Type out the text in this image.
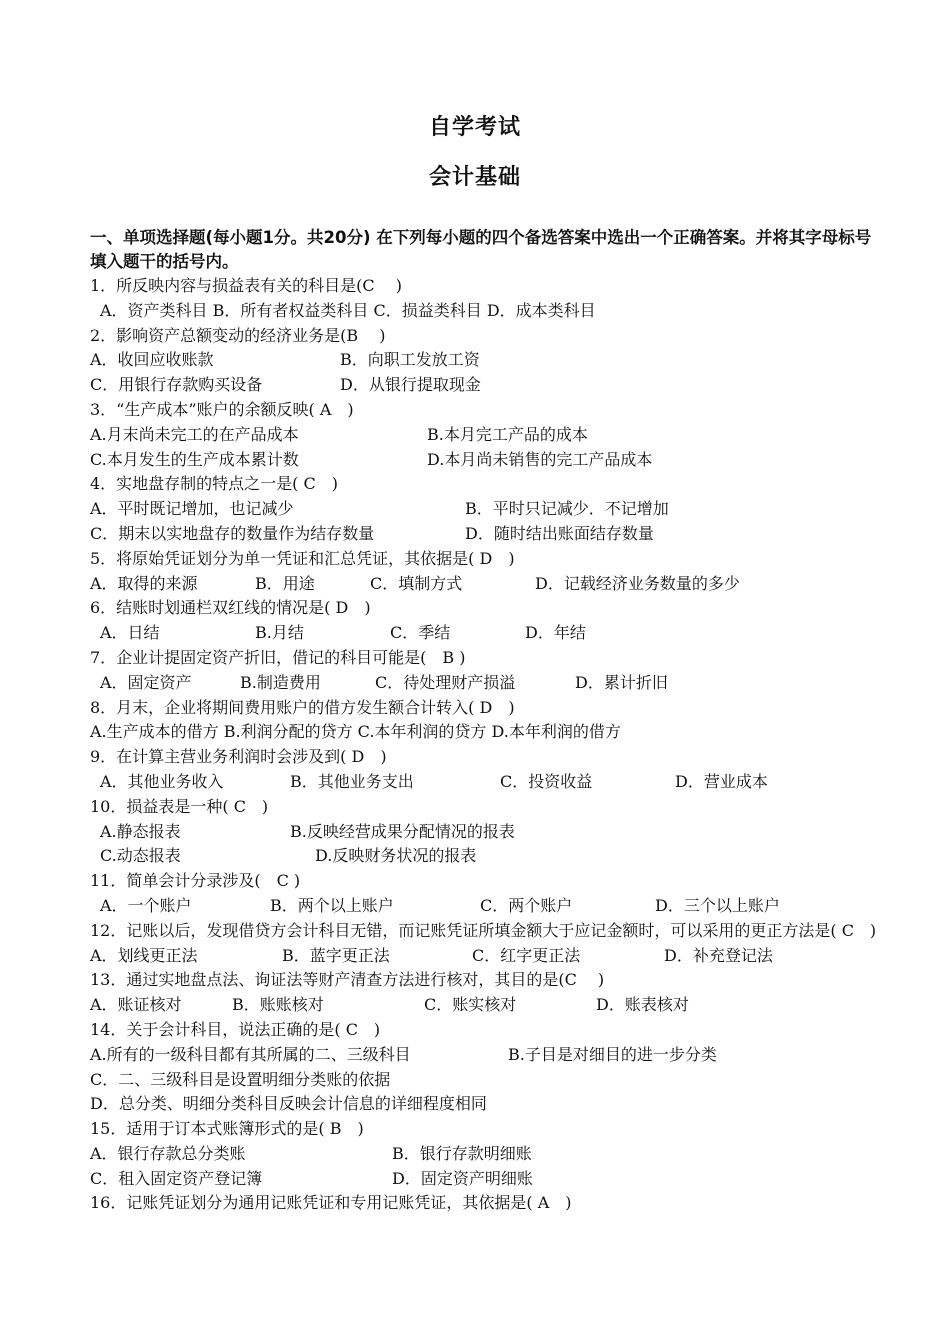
自学考试
会计基础
一、单项选择题(每小题1分。共20分) 在下列每小题的四个备选答案中选出一个正确答案。并将其字母标号填入题干的括号内。
1．所反映内容与损益表有关的科目是(C　 )
A．资产类科目 B．所有者权益类科目 C．损益类科目 D．成本类科目
2．影响资产总额变动的经济业务是(B　 )
A．收回应收账款	B．向职工发放工资
C．用银行存款购买设备	D．从银行提取现金
3．“生产成本”账户的余额反映( A　)
A.月末尚未完工的在产品成本	B.本月完工产品的成本
C.本月发生的生产成本累计数	D.本月尚未销售的完工产品成本
4．实地盘存制的特点之一是( C　)
A．平时既记增加，也记减少	B．平时只记减少．不记增加
C．期末以实地盘存的数量作为结存数量	D．随时结出账面结存数量
5．将原始凭证划分为单一凭证和汇总凭证，其依据是( D　)
A．取得的来源	B．用途	C．填制方式	D．记载经济业务数量的多少
6．结账时划通栏双红线的情况是( D　)
A．日结	B.月结	C．季结	D．年结
7．企业计提固定资产折旧，借记的科目可能是(　B )
A．固定资产	B.制造费用	C．待处理财产损溢	D．累计折旧
8．月末，企业将期间费用账户的借方发生额合计转入( D　)
A.生产成本的借方 B.利润分配的贷方 C.本年利润的贷方 D.本年利润的借方
9．在计算主营业务利润时会涉及到( D　)
A．其他业务收入	B．其他业务支出	C．投资收益	D．营业成本
10．损益表是一种( C　)
A.静态报表	B.反映经营成果分配情况的报表
C.动态报表	D.反映财务状况的报表
11．简单会计分录涉及(　C )
A．一个账户	B．两个以上账户	C．两个账户	D．三个以上账户
12．记账以后，发现借贷方会计科目无错，而记账凭证所填金额大于应记金额时，可以采用的更正方法是( C　)
A．划线更正法	B．蓝字更正法	C．红字更正法	D．补充登记法
13．通过实地盘点法、询证法等财产清查方法进行核对，其目的是(C　 )
A．账证核对	B．账账核对	C．账实核对	D．账表核对
14．关于会计科目，说法正确的是( C　)
A.所有的一级科目都有其所属的二、三级科目	B.子目是对细目的进一步分类
C．二、三级科目是设置明细分类账的依据
D．总分类、明细分类科目反映会计信息的详细程度相同
15．适用于订本式账簿形式的是( B　)
A．银行存款总分类账	B．银行存款明细账
C．租入固定资产登记簿	D．固定资产明细账
16．记账凭证划分为通用记账凭证和专用记账凭证，其依据是( A　)
